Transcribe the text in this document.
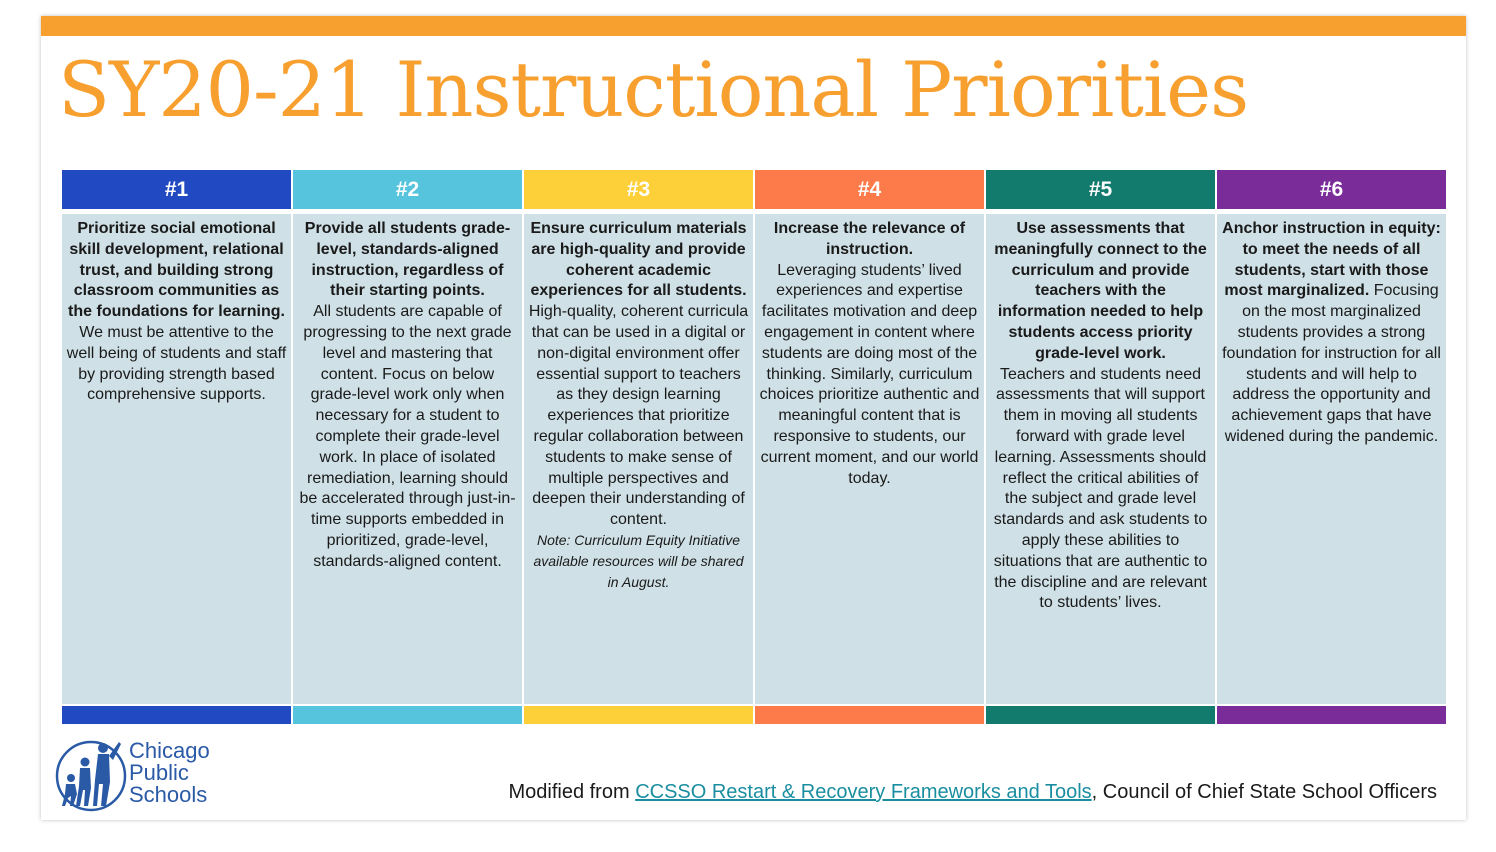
SY20-21 Instructional Priorities
#1
Prioritize social emotional skill development, relational trust, and building strong classroom communities as the foundations for learning.
We must be attentive to the well being of students and staff by providing strength based comprehensive supports.
#2
Provide all students grade-level, standards-aligned instruction, regardless of their starting points.
All students are capable of progressing to the next grade level and mastering that content. Focus on below grade-level work only when necessary for a student to complete their grade-level work. In place of isolated remediation, learning should be accelerated through just-in-time supports embedded in prioritized, grade-level, standards-aligned content.
#3
Ensure curriculum materials are high-quality and provide coherent academic experiences for all students.
High-quality, coherent curricula that can be used in a digital or non-digital environment offer essential support to teachers as they design learning experiences that prioritize regular collaboration between students to make sense of multiple perspectives and deepen their understanding of content.
Note: Curriculum Equity Initiative available resources will be shared in August.
#4
Increase the relevance of instruction.
Leveraging students’ lived experiences and expertise facilitates motivation and deep engagement in content where students are doing most of the thinking. Similarly, curriculum choices prioritize authentic and meaningful content that is responsive to students, our current moment, and our world today.
#5
Use assessments that meaningfully connect to the curriculum and provide teachers with the information needed to help students access priority grade-level work.
Teachers and students need assessments that will support them in moving all students forward with grade level learning. Assessments should reflect the critical abilities of the subject and grade level standards and ask students to apply these abilities to situations that are authentic to the discipline and are relevant to students’ lives.
#6
Anchor instruction in equity: to meet the needs of all students, start with those most marginalized. Focusing on the most marginalized students provides a strong foundation for instruction for all students and will help to address the opportunity and achievement gaps that have widened during the pandemic.
Chicago
Public
Schools	Modified from CCSSO Restart & Recovery Frameworks and Tools, Council of Chief State School Officers
